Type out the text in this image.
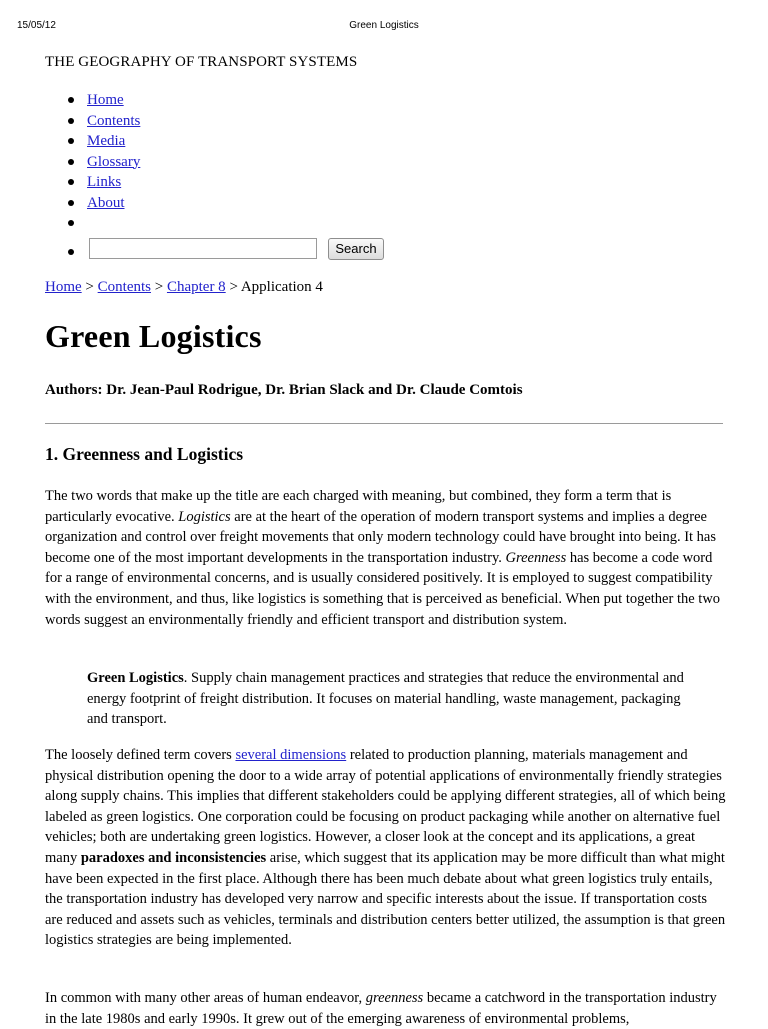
15/05/12	Green Logistics

THE GEOGRAPHY OF TRANSPORT SYSTEMS

Home
Contents
Media
Glossary
Links
About
Search
Home > Contents > Chapter 8 > Application 4
Green Logistics

Authors: Dr. Jean-Paul Rodrigue, Dr. Brian Slack and Dr. Claude Comtois

1. Greenness and Logistics

The two words that make up the title are each charged with meaning, but combined, they form a term that is particularly evocative. Logistics are at the heart of the operation of modern transport systems and implies a degree organization and control over freight movements that only modern technology could have brought into being. It has become one of the most important developments in the transportation industry. Greenness has become a code word for a range of environmental concerns, and is usually considered positively. It is employed to suggest compatibility with the environment, and thus, like logistics is something that is perceived as beneficial. When put together the two words suggest an environmentally friendly and efficient transport and distribution system.

Green Logistics. Supply chain management practices and strategies that reduce the environmental and energy footprint of freight distribution. It focuses on material handling, waste management, packaging and transport.

The loosely defined term covers several dimensions related to production planning, materials management and physical distribution opening the door to a wide array of potential applications of environmentally friendly strategies along supply chains. This implies that different stakeholders could be applying different strategies, all of which being labeled as green logistics. One corporation could be focusing on product packaging while another on alternative fuel vehicles; both are undertaking green logistics. However, a closer look at the concept and its applications, a great many paradoxes and inconsistencies arise, which suggest that its application may be more difficult than what might have been expected in the first place. Although there has been much debate about what green logistics truly entails, the transportation industry has developed very narrow and specific interests about the issue. If transportation costs are reduced and assets such as vehicles, terminals and distribution centers better utilized, the assumption is that green logistics strategies are being implemented.

In common with many other areas of human endeavor, greenness became a catchword in the transportation industry in the late 1980s and early 1990s. It grew out of the emerging awareness of environmental problems,
